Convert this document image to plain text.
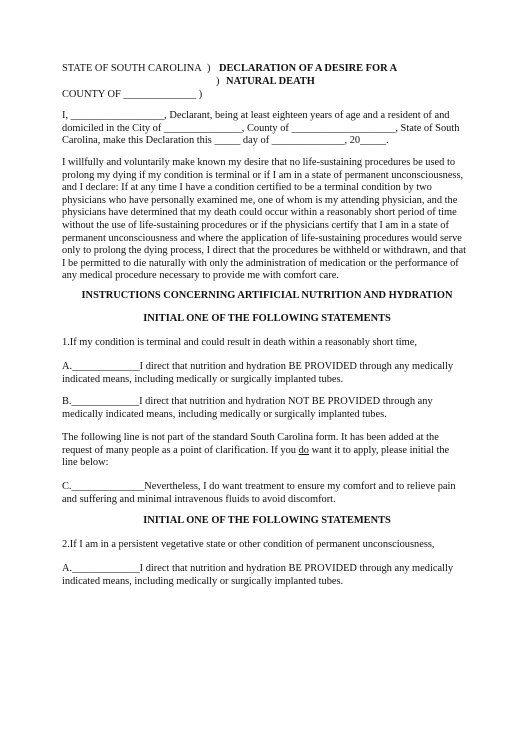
STATE OF SOUTH CAROLINA ) DECLARATION OF A DESIRE FOR A
) NATURAL DEATH
COUNTY OF ______________ )

I, __________________, Declarant, being at least eighteen years of age and a resident of and
domiciled in the City of _______________, County of ____________________, State of South
Carolina, make this Declaration this _____ day of ______________, 20_____.

I willfully and voluntarily make known my desire that no life-sustaining procedures be used to
prolong my dying if my condition is terminal or if I am in a state of permanent unconsciousness,
and I declare: If at any time I have a condition certified to be a terminal condition by two
physicians who have personally examined me, one of whom is my attending physician, and the
physicians have determined that my death could occur within a reasonably short period of time
without the use of life-sustaining procedures or if the physicians certify that I am in a state of
permanent unconsciousness and where the application of life-sustaining procedures would serve
only to prolong the dying process, I direct that the procedures be withheld or withdrawn, and that
I be permitted to die naturally with only the administration of medication or the performance of
any medical procedure necessary to provide me with comfort care.

INSTRUCTIONS CONCERNING ARTIFICIAL NUTRITION AND HYDRATION

INITIAL ONE OF THE FOLLOWING STATEMENTS

1.If my condition is terminal and could result in death within a reasonably short time,

A._____________I direct that nutrition and hydration BE PROVIDED through any medically
indicated means, including medically or surgically implanted tubes.

B._____________I direct that nutrition and hydration NOT BE PROVIDED through any
medically indicated means, including medically or surgically implanted tubes.

The following line is not part of the standard South Carolina form. It has been added at the
request of many people as a point of clarification. If you do want it to apply, please initial the
line below:

C.______________Nevertheless, I do want treatment to ensure my comfort and to relieve pain
and suffering and minimal intravenous fluids to avoid discomfort.

INITIAL ONE OF THE FOLLOWING STATEMENTS

2.If I am in a persistent vegetative state or other condition of permanent unconsciousness,

A._____________I direct that nutrition and hydration BE PROVIDED through any medically
indicated means, including medically or surgically implanted tubes.
